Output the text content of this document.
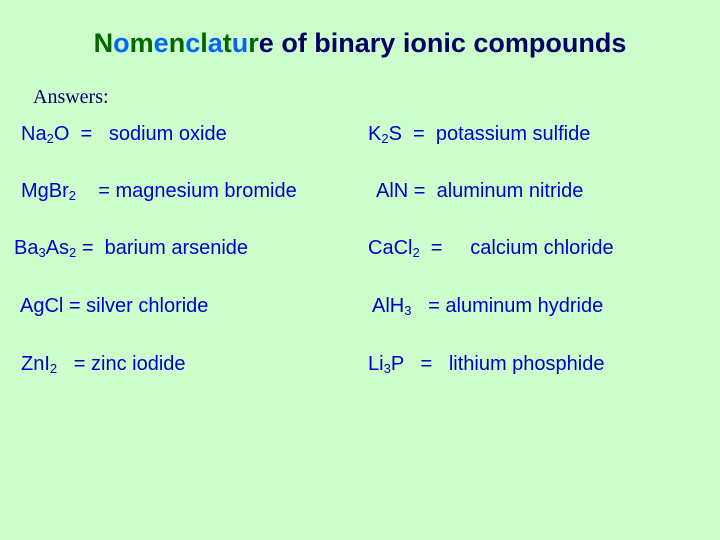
Nomenclature of binary ionic compounds
Answers:
$Na_2O$  =   sodium oxide
MgBr$_2$    = magnesium bromide
$Ba_3As_2$ =  barium arsenide
AgCl = silver chloride
ZnI$_2$   = zinc iodide
$K_2S$  =  potassium sulfide
AlN =  aluminum nitride
CaCl$_2$  =     calcium chloride
AlH$_3$   = aluminum hydride
$Li_3P$   =   lithium phosphide
